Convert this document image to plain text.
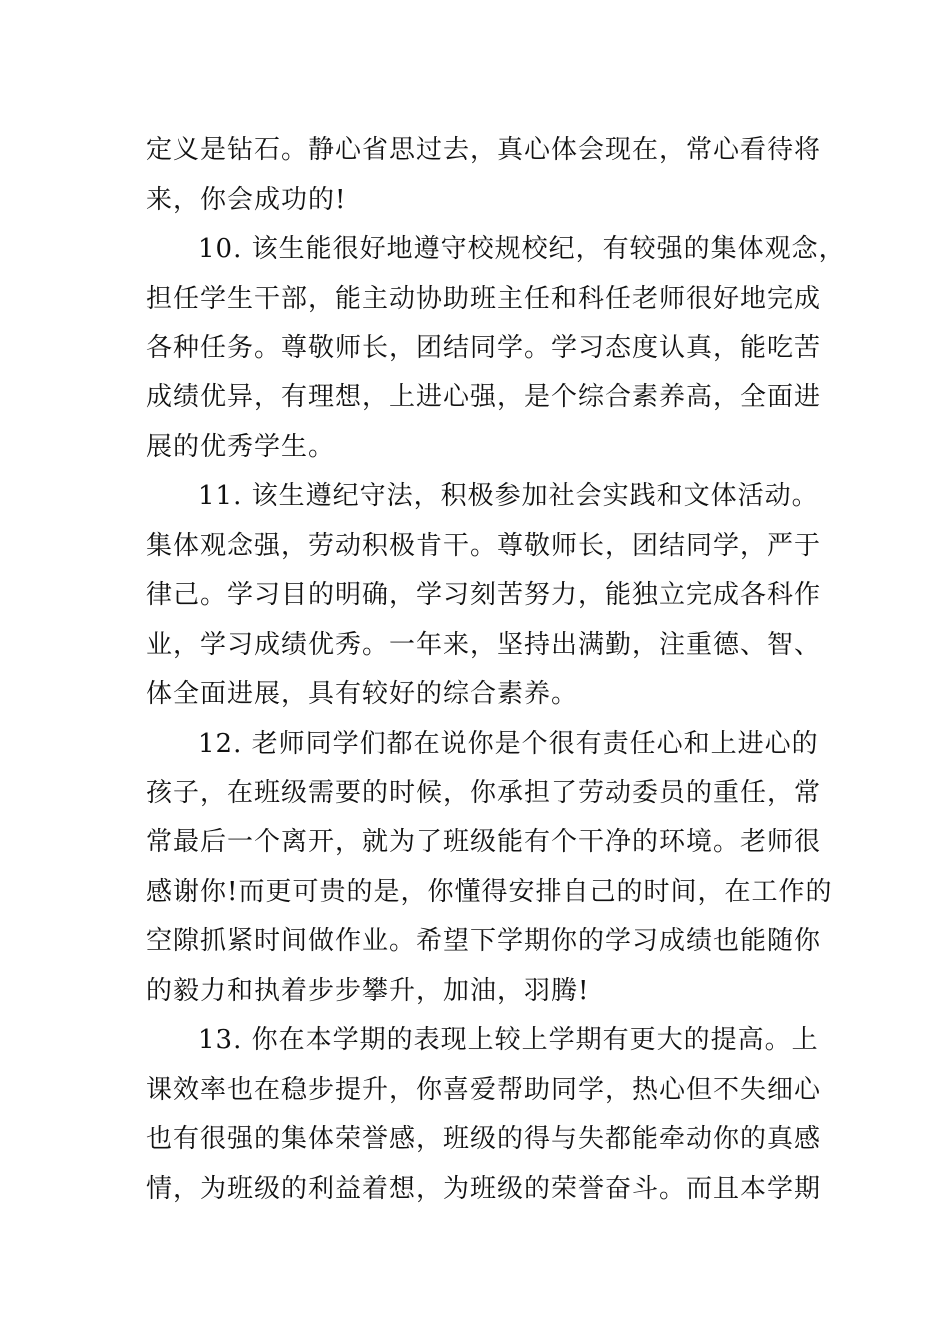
定义是钻石。静心省思过去，真心体会现在，常心看待将
来，你会成功的!
10. 该生能很好地遵守校规校纪，有较强的集体观念，
担任学生干部，能主动协助班主任和科任老师很好地完成
各种任务。尊敬师长，团结同学。学习态度认真，能吃苦
成绩优异，有理想，上进心强，是个综合素养高，全面进
展的优秀学生。
11. 该生遵纪守法，积极参加社会实践和文体活动。
集体观念强，劳动积极肯干。尊敬师长，团结同学，严于
律己。学习目的明确，学习刻苦努力，能独立完成各科作
业，学习成绩优秀。一年来，坚持出满勤，注重德、智、
体全面进展，具有较好的综合素养。
12. 老师同学们都在说你是个很有责任心和上进心的
孩子，在班级需要的时候，你承担了劳动委员的重任，常
常最后一个离开，就为了班级能有个干净的环境。老师很
感谢你!而更可贵的是，你懂得安排自己的时间，在工作的
空隙抓紧时间做作业。希望下学期你的学习成绩也能随你
的毅力和执着步步攀升，加油，羽腾!
13. 你在本学期的表现上较上学期有更大的提高。上
课效率也在稳步提升，你喜爱帮助同学，热心但不失细心
也有很强的集体荣誉感，班级的得与失都能牵动你的真感
情，为班级的利益着想，为班级的荣誉奋斗。而且本学期
